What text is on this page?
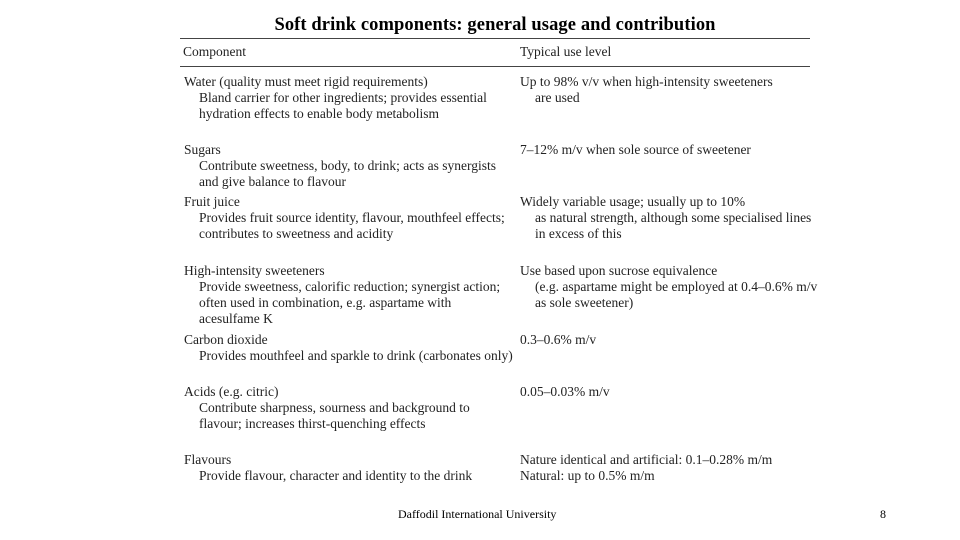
Soft drink components: general usage and contribution
Component	Typical use level
Water (quality must meet rigid requirements)
Bland carrier for other ingredients; provides essential hydration effects to enable body metabolism
Up to 98% v/v when high-intensity sweeteners
are used
Sugars
Contribute sweetness, body, to drink; acts as synergists and give balance to flavour
7–12% m/v when sole source of sweetener
Fruit juice
Provides fruit source identity, flavour, mouthfeel effects; contributes to sweetness and acidity
Widely variable usage; usually up to 10%
as natural strength, although some specialised lines in excess of this
High-intensity sweeteners
Provide sweetness, calorific reduction; synergist action; often used in combination, e.g. aspartame with acesulfame K
Use based upon sucrose equivalence
(e.g. aspartame might be employed at 0.4–0.6% m/v as sole sweetener)
Carbon dioxide
Provides mouthfeel and sparkle to drink (carbonates only)
0.3–0.6% m/v
Acids (e.g. citric)
Contribute sharpness, sourness and background to flavour; increases thirst-quenching effects
0.05–0.03% m/v
Flavours
Provide flavour, character and identity to the drink
Nature identical and artificial: 0.1–0.28% m/m
Natural: up to 0.5% m/m
Daffodil International University	8
